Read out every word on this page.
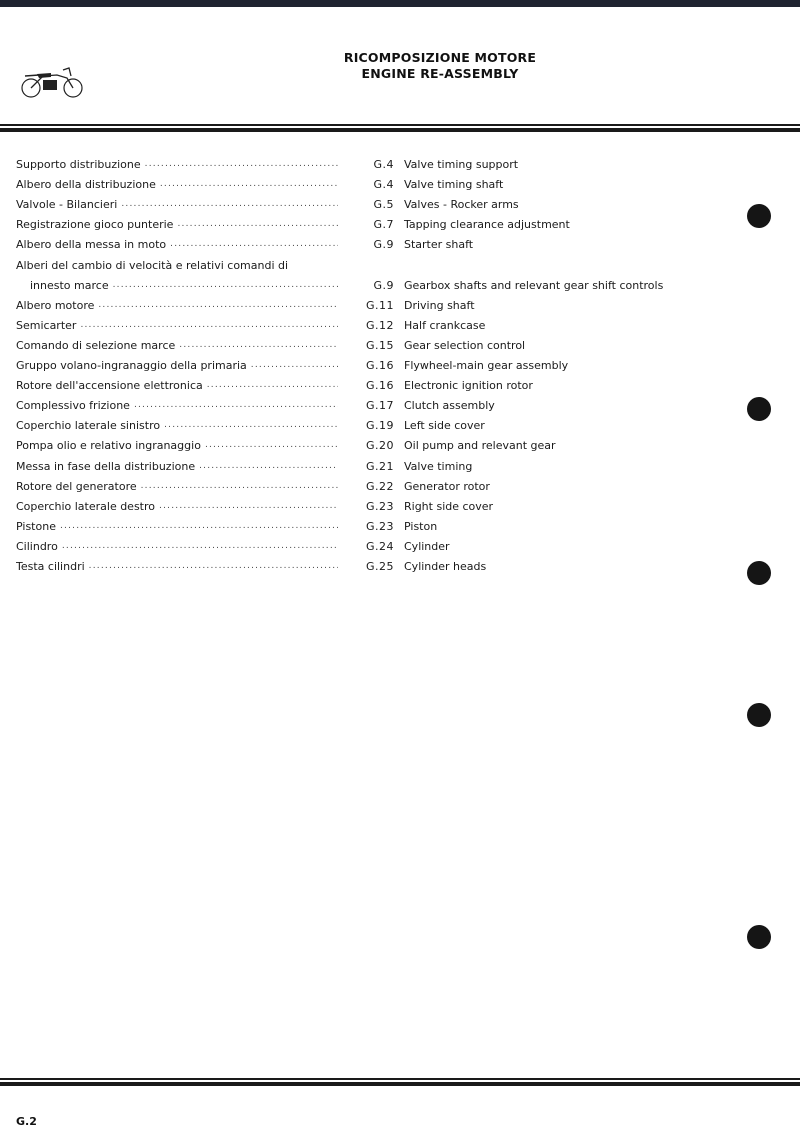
RICOMPOSIZIONE MOTORE
ENGINE RE-ASSEMBLY
Supporto distribuzione .....	G.4 Valve timing support
Albero della distribuzione .....	G.4 Valve timing shaft
Valvole - Bilancieri .....	G.5 Valves - Rocker arms
Registrazione gioco punterie .....	G.7 Tapping clearance adjustment
Albero della messa in moto .....	G.9 Starter shaft
Alberi del cambio di velocità e relativi comandi di
innesto marce .....	G.9 Gearbox shafts and relevant gear shift controls
Albero motore .....	G.11 Driving shaft
Semicarter .....	G.12 Half crankcase
Comando di selezione marce .....	G.15 Gear selection control
Gruppo volano-ingranaggio della primaria .....	G.16 Flywheel-main gear assembly
Rotore dell'accensione elettronica .....	G.16 Electronic ignition rotor
Complessivo frizione .....	G.17 Clutch assembly
Coperchio laterale sinistro .....	G.19 Left side cover
Pompa olio e relativo ingranaggio .....	G.20 Oil pump and relevant gear
Messa in fase della distribuzione .....	G.21 Valve timing
Rotore del generatore .....	G.22 Generator rotor
Coperchio laterale destro .....	G.23 Right side cover
Pistone .....	G.23 Piston
Cilindro .....	G.24 Cylinder
Testa cilindri .....	G.25 Cylinder heads
G.2
